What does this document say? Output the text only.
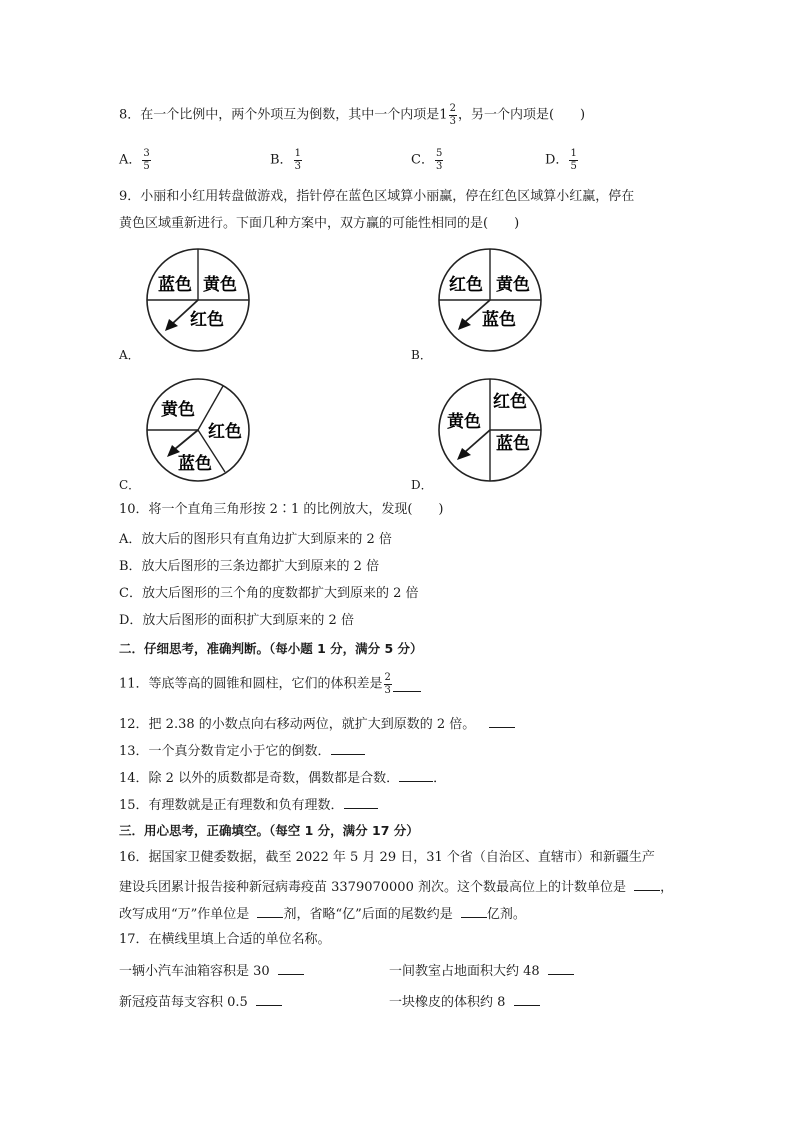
8．在一个比例中，两个外项互为倒数，其中一个内项是$1 \frac{2}{3}$ ，另一个内项是(　　)
A． $\frac{3}{5}$	B． $\frac{1}{3}$	C． $\frac{5}{3}$	D． $\frac{1}{5}$
9．小丽和小红用转盘做游戏，指针停在蓝色区域算小丽赢，停在红色区域算小红赢，停在
黄色区域重新进行。下面几种方案中，双方赢的可能性相同的是(　　)
蓝色 黄色
红色
A．
红色 黄色
蓝色
B．
黄色
红色
蓝色
C．
红色
黄色
蓝色
D．
10．将一个直角三角形按 2∶1 的比例放大，发现(　　)
A．放大后的图形只有直角边扩大到原来的 2 倍
B．放大后图形的三条边都扩大到原来的 2 倍
C．放大后图形的三个角的度数都扩大到原来的 2 倍
D．放大后图形的面积扩大到原来的 2 倍
二．仔细思考，准确判断。（每小题 1 分，满分 5 分）
11．等底等高的圆锥和圆柱，它们的体积差是 $\frac{2}{3}$
12．把 2.38 的小数点向右移动两位，就扩大到原数的 2 倍。
13．一个真分数肯定小于它的倒数．
14．除 2 以外的质数都是奇数，偶数都是合数．	．
15．有理数就是正有理数和负有理数．
三．用心思考，正确填空。（每空 1 分，满分 17 分）
16．据国家卫健委数据，截至 2022 年 5 月 29 日，31 个省（自治区、直辖市）和新疆生产
建设兵团累计报告接种新冠病毒疫苗 3379070000 剂次。这个数最高位上的计数单位是	，
改写成用“万”作单位是	剂，省略“亿”后面的尾数约是	亿剂。
17．在横线里填上合适的单位名称。
一辆小汽车油箱容积是 30	一间教室占地面积大约 48
新冠疫苗每支容积 0.5	一块橡皮的体积约 8
